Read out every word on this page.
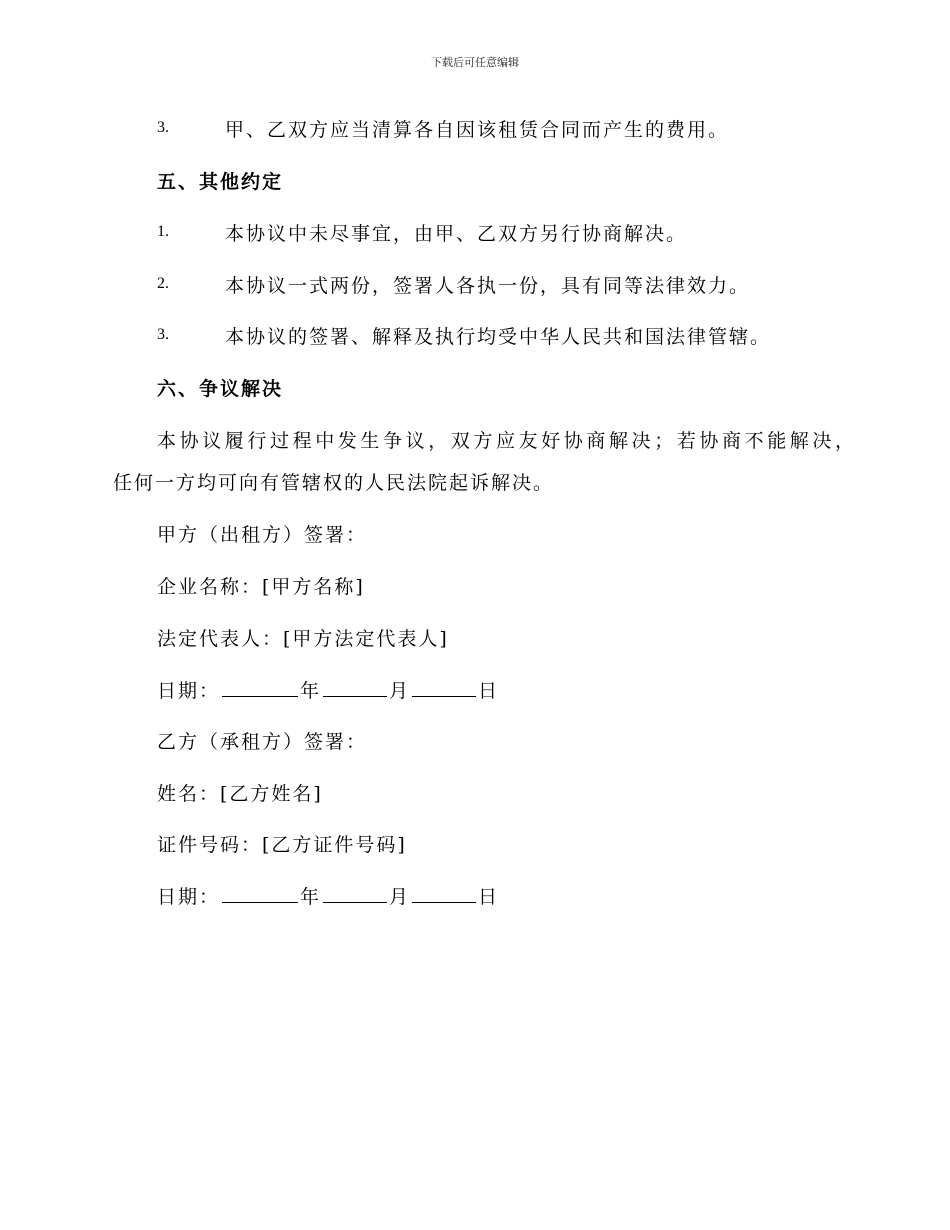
下载后可任意编辑
3.	甲、乙双方应当清算各自因该租赁合同而产生的费用。
五、其他约定
1.	本协议中未尽事宜，由甲、乙双方另行协商解决。
2.	本协议一式两份，签署人各执一份，具有同等法律效力。
3.	本协议的签署、解释及执行均受中华人民共和国法律管辖。
六、争议解决
本协议履行过程中发生争议，双方应友好协商解决；若协商不能解决，
任何一方均可向有管辖权的人民法院起诉解决。
甲方（出租方）签署：
企业名称：[甲方名称]
法定代表人：[甲方法定代表人]
日期：	年	月	日
乙方（承租方）签署：
姓名：[乙方姓名]
证件号码：[乙方证件号码]
日期：	年	月	日
